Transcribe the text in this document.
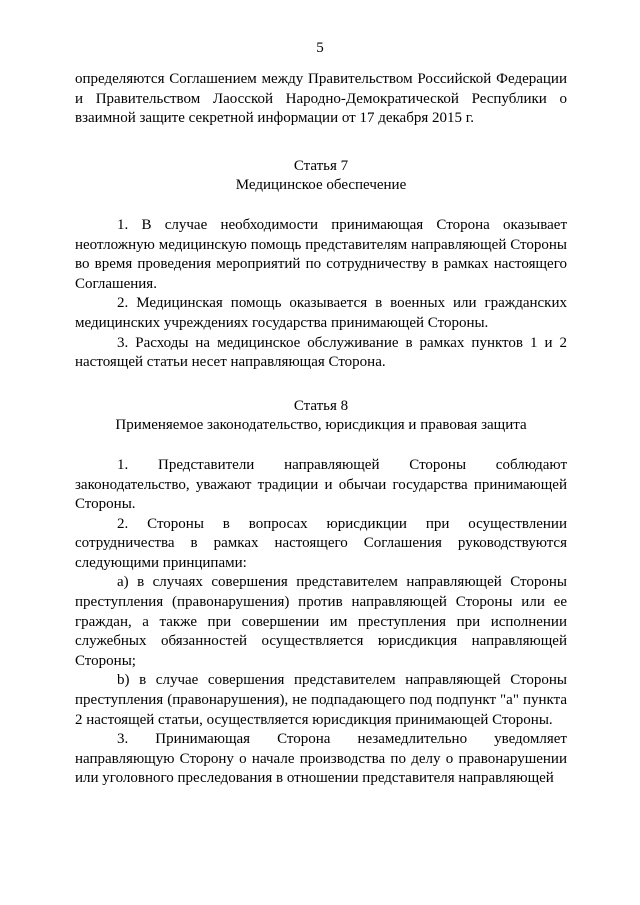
5

определяются Соглашением между Правительством Российской Федерации и Правительством Лаосской Народно-Демократической Республики о взаимной защите секретной информации от 17 декабря 2015 г.

Статья 7

Медицинское обеспечение

1. В случае необходимости принимающая Сторона оказывает неотложную медицинскую помощь представителям направляющей Стороны во время проведения мероприятий по сотрудничеству в рамках настоящего Соглашения.

2. Медицинская помощь оказывается в военных или гражданских медицинских учреждениях государства принимающей Стороны.

3. Расходы на медицинское обслуживание в рамках пунктов 1 и 2 настоящей статьи несет направляющая Сторона.

Статья 8

Применяемое законодательство, юрисдикция и правовая защита

1. Представители направляющей Стороны соблюдают законодательство, уважают традиции и обычаи государства принимающей Стороны.

2. Стороны в вопросах юрисдикции при осуществлении сотрудничества в рамках настоящего Соглашения руководствуются следующими принципами:

a) в случаях совершения представителем направляющей Стороны преступления (правонарушения) против направляющей Стороны или ее граждан, а также при совершении им преступления при исполнении служебных обязанностей осуществляется юрисдикция направляющей Стороны;

b) в случае совершения представителем направляющей Стороны преступления (правонарушения), не подпадающего под подпункт "a" пункта 2 настоящей статьи, осуществляется юрисдикция принимающей Стороны.

3. Принимающая Сторона незамедлительно уведомляет направляющую Сторону о начале производства по делу о правонарушении или уголовного преследования в отношении представителя направляющей
